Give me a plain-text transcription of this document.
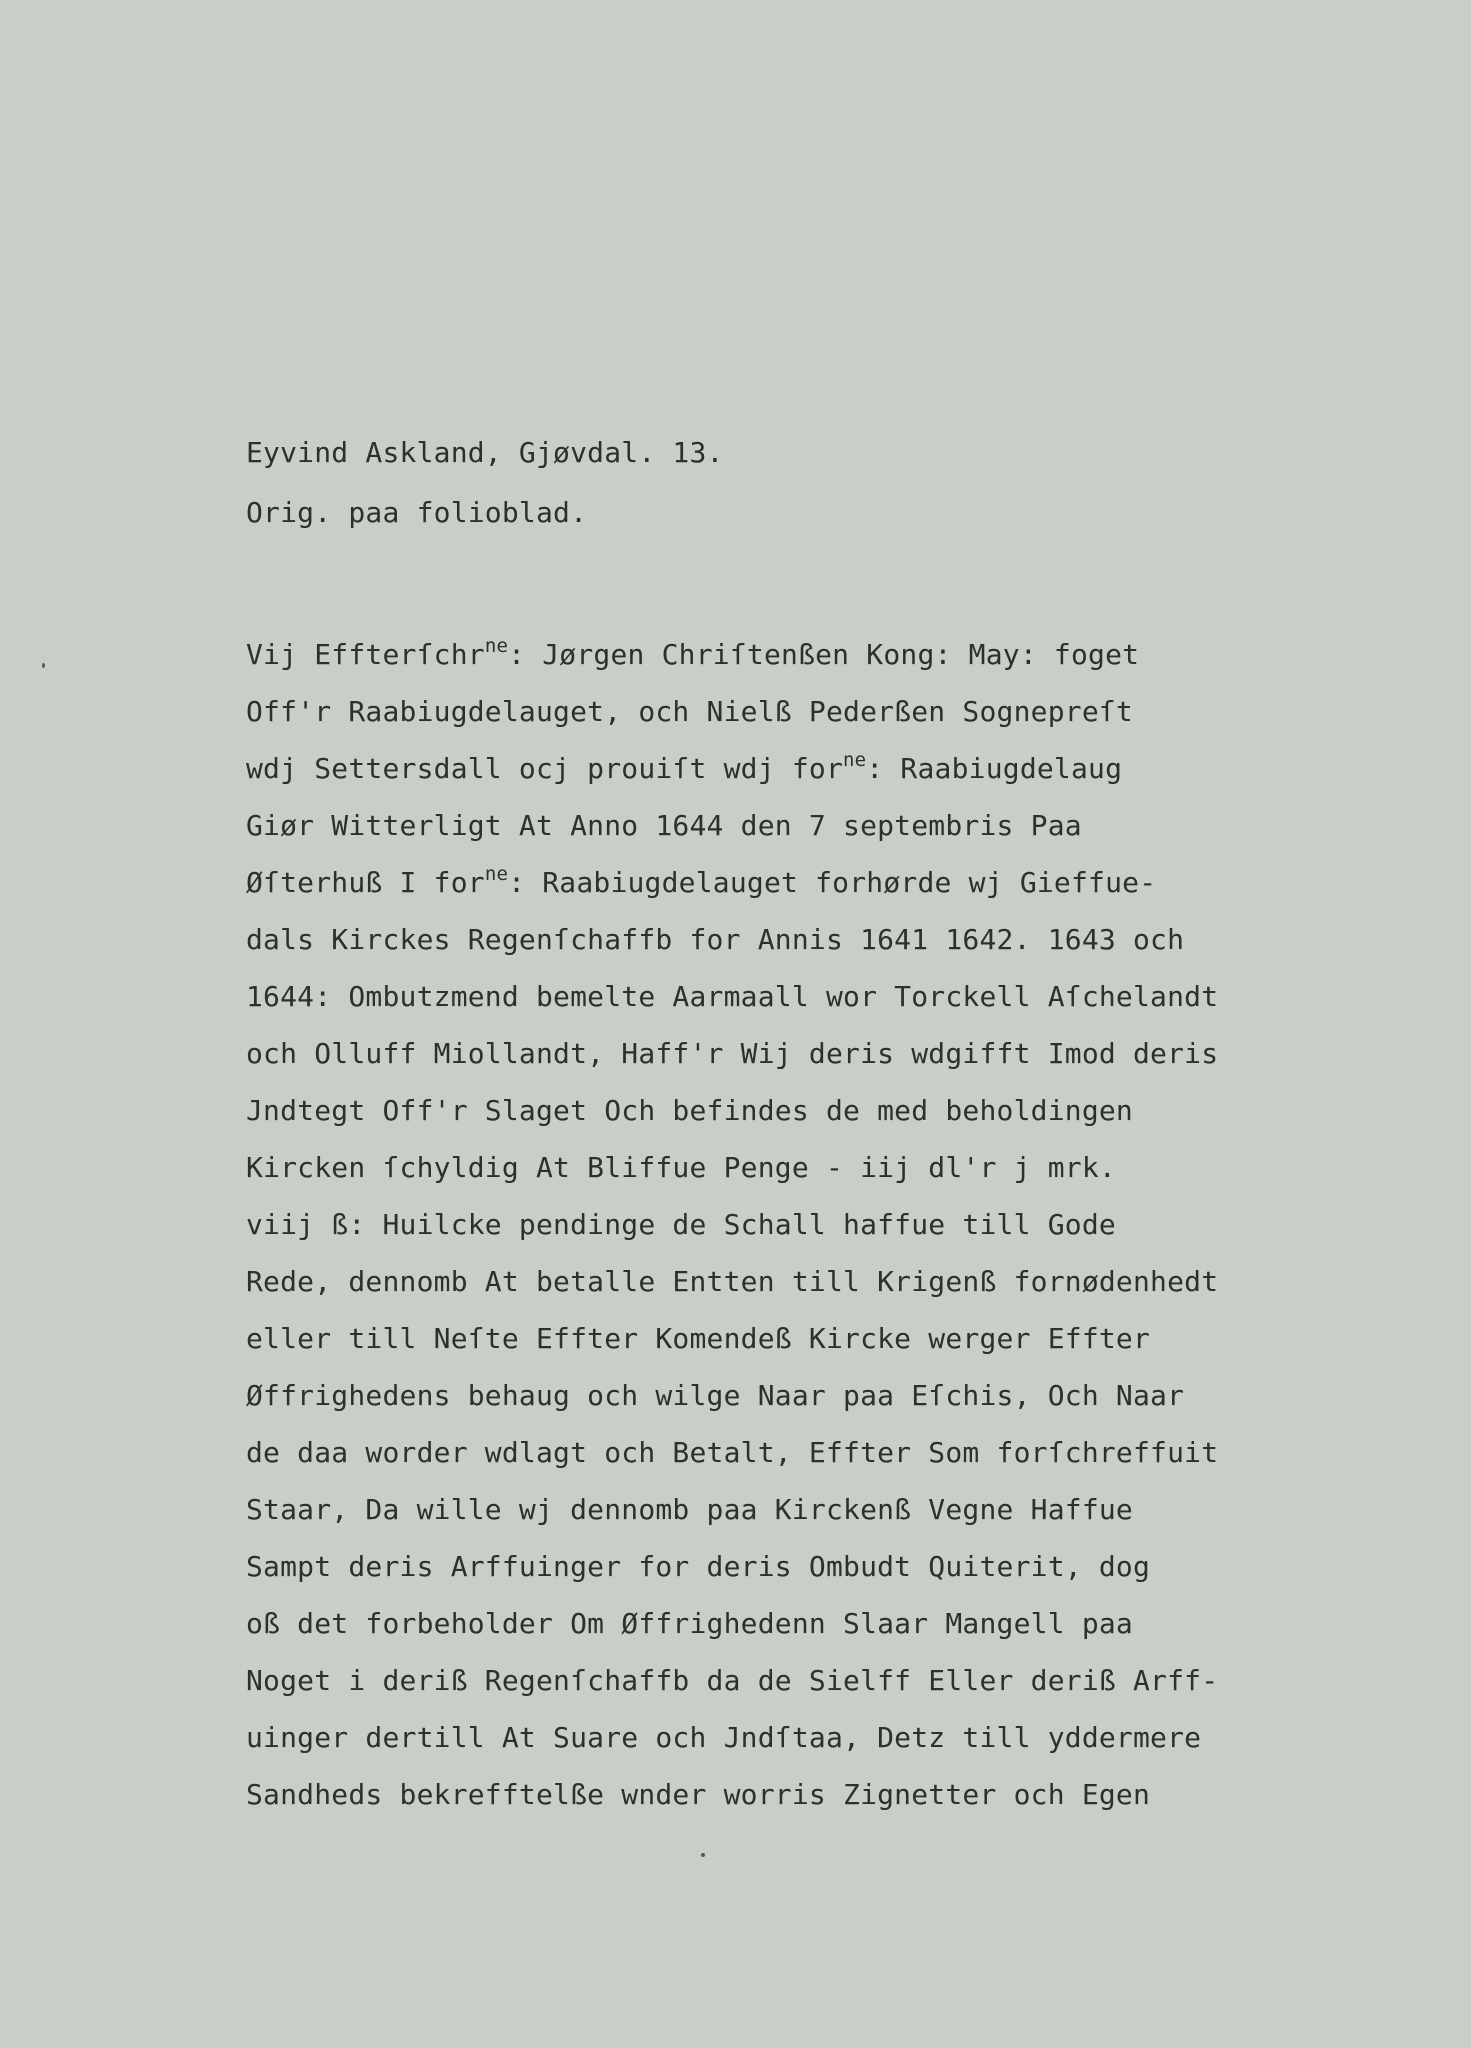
Eyvind Askland, Gjøvdal. 13.
Orig. paa folioblad.
Vij Effterſchr$^{ne}$: Jørgen Chriſtenßen Kong: May: foget
Off'r Raabiugdelauget, och Nielß Pederßen Sognepreſt
wdj Settersdall ocj prouiſt wdj for$^{ne}$: Raabiugdelaug
Giør Witterligt At Anno 1644 den 7 septembris Paa
Øſterhuß I for$^{ne}$: Raabiugdelauget forhørde wj Gieffue-
dals Kirckes Regenſchaffb for Annis 1641 1642. 1643 och
1644: Ombutzmend bemelte Aarmaall wor Torckell Aſchelandt
och Olluff Miollandt, Haff'r Wij deris wdgifft Imod deris
Jndtegt Off'r Slaget Och befindes de med beholdingen
Kircken ſchyldig At Bliffue Penge - iij dl'r j mrk.
viij ß: Huilcke pendinge de Schall haffue till Gode
Rede, dennomb At betalle Entten till Krigenß fornødenhedt
eller till Neſte Effter Komendeß Kircke werger Effter
Øffrighedens behaug och wilge Naar paa Eſchis, Och Naar
de daa worder wdlagt och Betalt, Effter Som forſchreffuit
Staar, Da wille wj dennomb paa Kirckenß Vegne Haffue
Sampt deris Arffuinger for deris Ombudt Quiterit, dog
oß det forbeholder Om Øffrighedenn Slaar Mangell paa
Noget i deriß Regenſchaffb da de Sielff Eller deriß Arff-
uinger dertill At Suare och Jndſtaa, Detz till yddermere
Sandheds bekrefftelße wnder worris Zignetter och Egen
